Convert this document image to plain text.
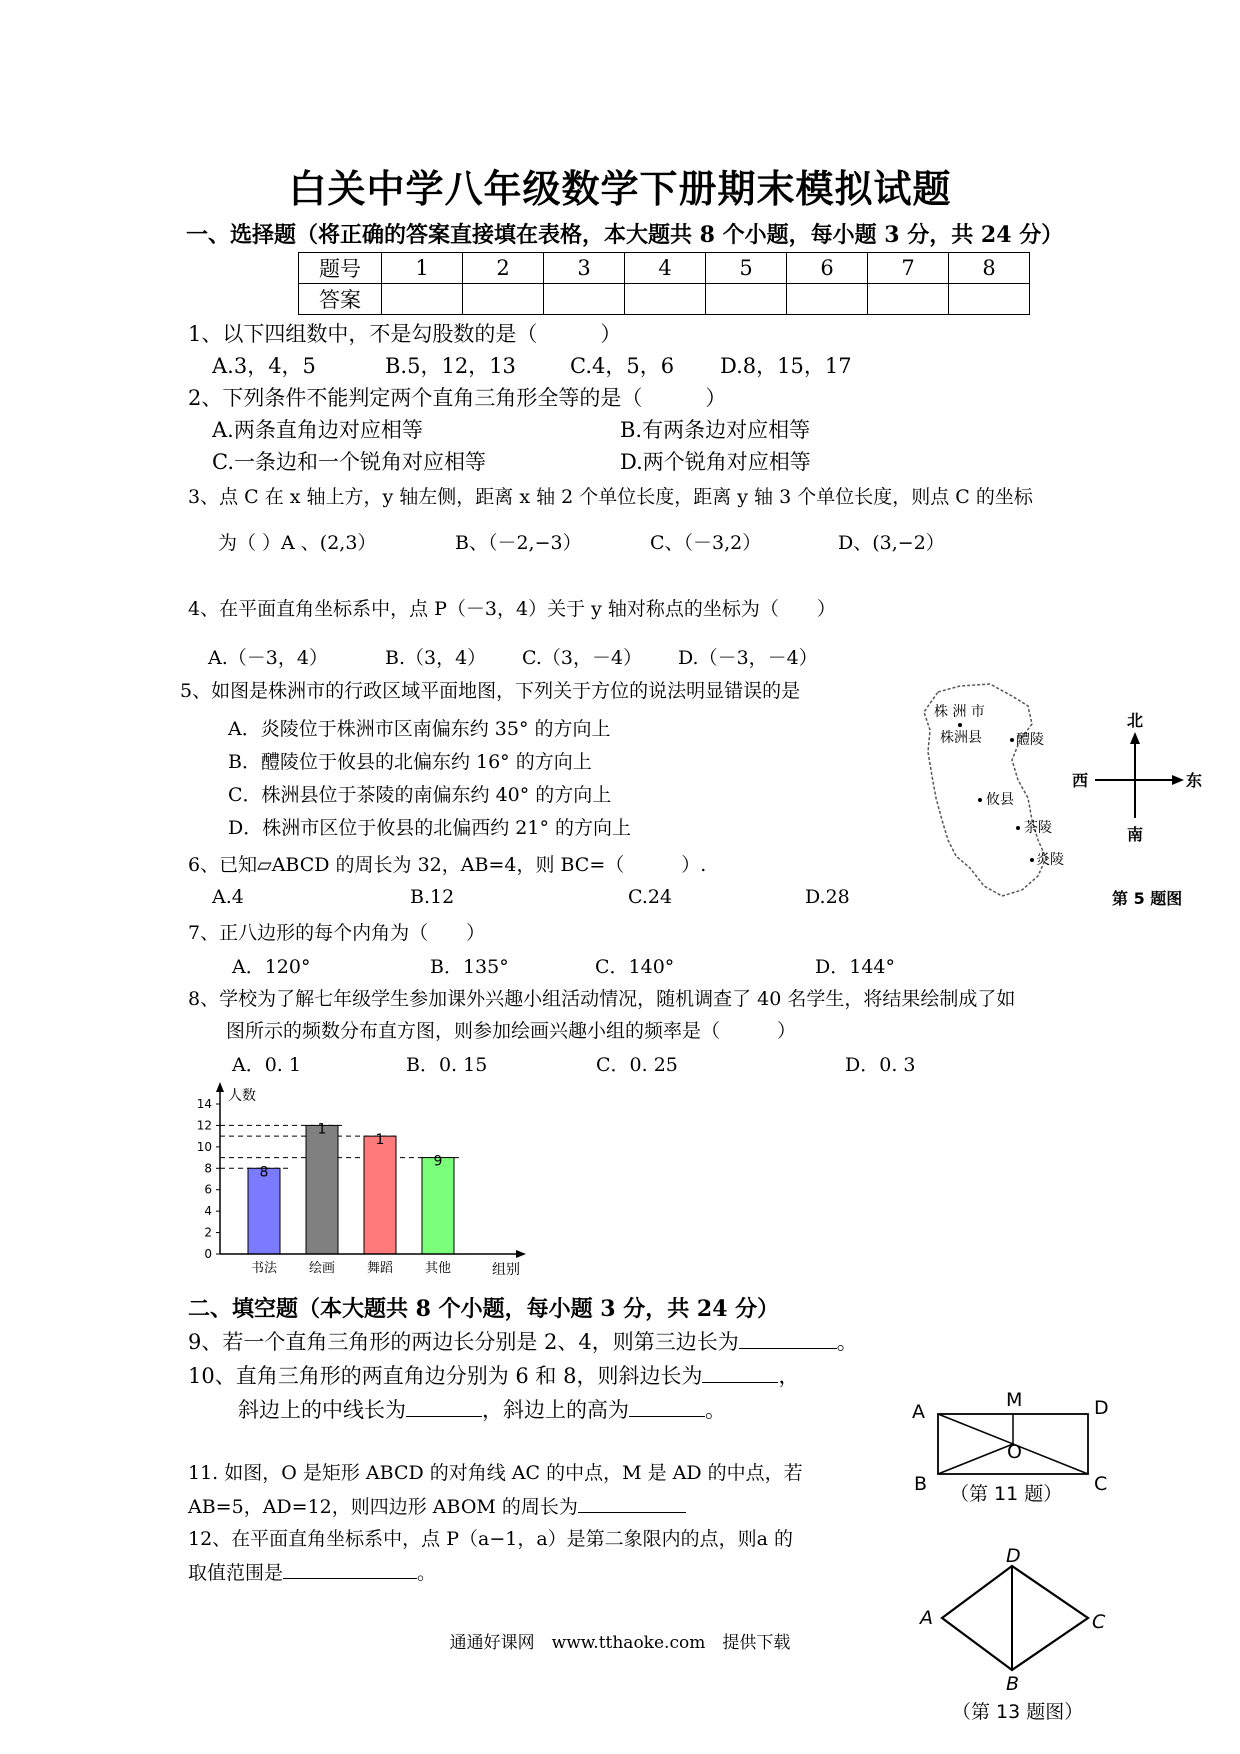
白关中学八年级数学下册期末模拟试题
一、选择题（将正确的答案直接填在表格，本大题共 8 个小题，每小题 3 分，共 24 分）
题号	1	2	3	4	5	6	7	8
答案								
1、以下四组数中，不是勾股数的是（　　　）
A.3，4，5	B.5，12，13	C.4，5，6 D.8，15，17
2、下列条件不能判定两个直角三角形全等的是（　　　）
A.两条直角边对应相等	B.有两条边对应相等
C.一条边和一个锐角对应相等	D.两个锐角对应相等
3、点 C 在 x 轴上方，y 轴左侧，距离 x 轴 2 个单位长度，距离 y 轴 3 个单位长度，则点 C 的坐标
为（ ）A 、(2,3）	B、（－2,−3）	C、（－3,2）	D、(3,−2）
4、在平面直角坐标系中，点 P（－3，4）关于 y 轴对称点的坐标为（　　）
A.（－3，4）	B.（3，4） C.（3，－4） D.（－3，－4）
5、如图是株洲市的行政区域平面地图，下列关于方位的说法明显错误的是
A．炎陵位于株洲市区南偏东约 35° 的方向上
B．醴陵位于攸县的北偏东约 16° 的方向上
C．株洲县位于茶陵的南偏东约 40° 的方向上
D．株洲市区位于攸县的北偏西约 21° 的方向上
株 洲 市
株洲县 醴陵
攸县
茶陵
炎陵
北
东
西
南
第 5 题图
6、已知▱ABCD 的周长为 32，AB=4，则 BC=（　　　）.
A.4	B.12	C.24	D.28
7、正八边形的每个内角为（　　）
A．120°	B．135°	C．140°	D．144°
8、学校为了解七年级学生参加课外兴趣小组活动情况，随机调查了 40 名学生，将结果绘制成了如
图所示的频数分布直方图，则参加绘画兴趣小组的频率是（　　　）
A．0. 1	B．0. 15	C．0. 25	D．0. 3
8
1
1
9
0
2
4
6
8
10
12
14
书法 绘画 舞蹈 其他
人数
组别
二、填空题（本大题共 8 个小题，每小题 3 分，共 24 分）
9、若一个直角三角形的两边长分别是 2、4，则第三边长为	。
10、直角三角形的两直角边分别为 6 和 8，则斜边长为	，
斜边上的中线长为	，斜边上的高为	。
11. 如图，O 是矩形 ABCD 的对角线 AC 的中点，M 是 AD 的中点，若
AB=5，AD=12，则四边形 ABOM 的周长为
A
M	D
O
B	C
（第 11 题）
12、在平面直角坐标系中，点 P（a−1，a）是第二象限内的点，则a 的
取值范围是	。
D
A	C
B
（第 13 题图）
通通好课网　www.tthaoke.com　提供下载
